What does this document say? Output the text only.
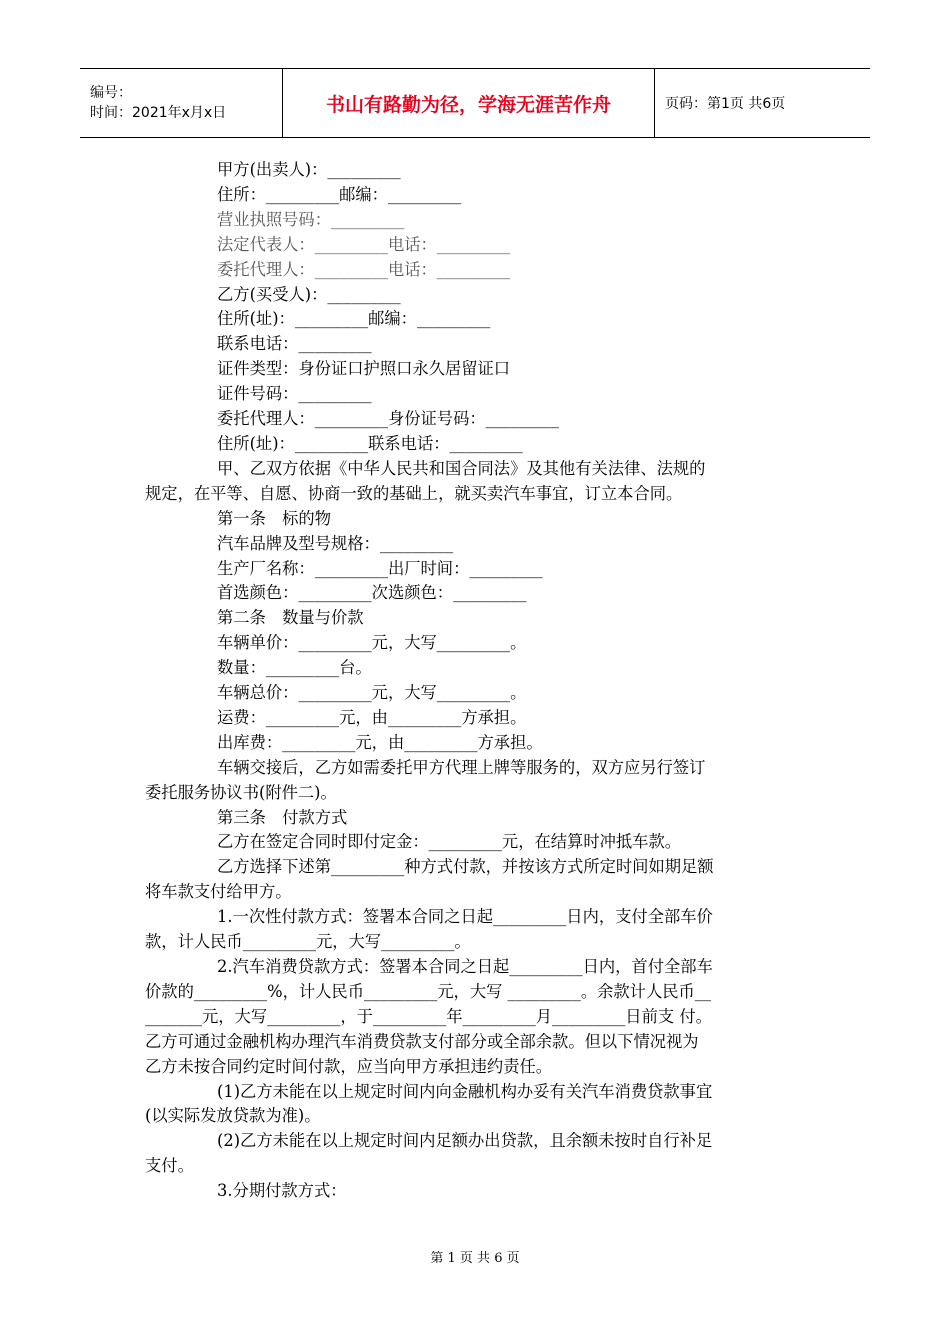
编号：
时间：2021年x月x日	书山有路勤为径，学海无涯苦作舟	页码：第1页 共6页

甲方(出卖人)：_________

住所：_________邮编：_________

营业执照号码：_________

法定代表人：_________电话：_________

委托代理人：_________电话：_________

乙方(买受人)：_________

住所(址)：_________邮编：_________

联系电话：_________

证件类型：身份证口护照口永久居留证口

证件号码：_________

委托代理人：_________身份证号码：_________

住所(址)：_________联系电话：_________

甲、乙双方依据《中华人民共和国合同法》及其他有关法律、法规的

规定，在平等、自愿、协商一致的基础上，就买卖汽车事宜，订立本合同。

第一条　标的物

汽车品牌及型号规格：_________

生产厂名称：_________出厂时间：_________

首选颜色：_________次选颜色：_________

第二条　数量与价款

车辆单价：_________元，大写_________。

数量：_________台。

车辆总价：_________元，大写_________。

运费：_________元，由_________方承担。

出库费：_________元，由_________方承担。

车辆交接后，乙方如需委托甲方代理上牌等服务的，双方应另行签订

委托服务协议书(附件二)。

第三条　付款方式

乙方在签定合同时即付定金：_________元，在结算时冲抵车款。

乙方选择下述第_________种方式付款，并按该方式所定时间如期足额

将车款支付给甲方。

1.一次性付款方式：签署本合同之日起_________日内，支付全部车价

款，计人民币_________元，大写_________。

2.汽车消费贷款方式：签署本合同之日起_________日内，首付全部车

价款的_________%，计人民币_________元，大写 _________。余款计人民币__

_______元，大写_________，于_________年_________月_________日前支 付。

乙方可通过金融机构办理汽车消费贷款支付部分或全部余款。但以下情况视为

乙方未按合同约定时间付款，应当向甲方承担违约责任。

(1)乙方未能在以上规定时间内向金融机构办妥有关汽车消费贷款事宜

(以实际发放贷款为准)。

(2)乙方未能在以上规定时间内足额办出贷款，且余额未按时自行补足

支付。

3.分期付款方式：

第 1 页 共 6 页
